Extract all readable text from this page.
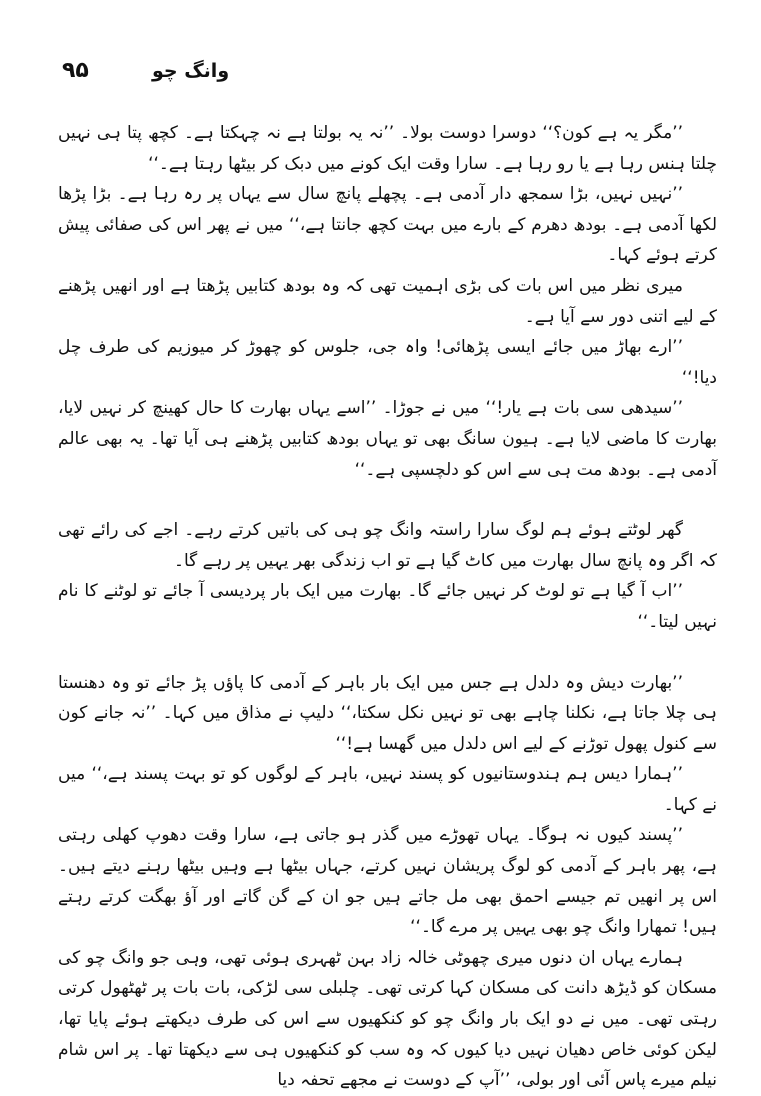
۹۵	وانگ چو

’’مگر یہ ہے کون؟‘‘ دوسرا دوست بولا۔ ’’نہ یہ بولتا ہے نہ چہکتا ہے۔ کچھ پتا ہی نہیں چلتا ہنس رہا ہے یا رو رہا ہے۔ سارا وقت ایک کونے میں دبک کر بیٹھا رہتا ہے۔‘‘

’’نہیں نہیں، بڑا سمجھ دار آدمی ہے۔ پچھلے پانچ سال سے یہاں پر رہ رہا ہے۔ بڑا پڑھا لکھا آدمی ہے۔ بودھ دھرم کے بارے میں بہت کچھ جانتا ہے،‘‘ میں نے پھر اس کی صفائی پیش کرتے ہوئے کہا۔

میری نظر میں اس بات کی بڑی اہمیت تھی کہ وہ بودھ کتابیں پڑھتا ہے اور انھیں پڑھنے کے لیے اتنی دور سے آیا ہے۔

’’ارے بھاڑ میں جائے ایسی پڑھائی! واہ جی، جلوس کو چھوڑ کر میوزیم کی طرف چل دیا!‘‘

’’سیدھی سی بات ہے یار!‘‘ میں نے جوڑا۔ ’’اسے یہاں بھارت کا حال کھینچ کر نہیں لایا، بھارت کا ماضی لایا ہے۔ ہیون سانگ بھی تو یہاں بودھ کتابیں پڑھنے ہی آیا تھا۔ یہ بھی عالم آدمی ہے۔ بودھ مت ہی سے اس کو دلچسپی ہے۔‘‘

گھر لوٹتے ہوئے ہم لوگ سارا راستہ وانگ چو ہی کی باتیں کرتے رہے۔ اجے کی رائے تھی کہ اگر وہ پانچ سال بھارت میں کاٹ گیا ہے تو اب زندگی بھر یہیں پر رہے گا۔

’’اب آ گیا ہے تو لوٹ کر نہیں جائے گا۔ بھارت میں ایک بار پردیسی آ جائے تو لوٹنے کا نام نہیں لیتا۔‘‘

’’بھارت دیش وہ دلدل ہے جس میں ایک بار باہر کے آدمی کا پاؤں پڑ جائے تو وہ دھنستا ہی چلا جاتا ہے، نکلنا چاہے بھی تو نہیں نکل سکتا،‘‘ دلیپ نے مذاق میں کہا۔ ’’نہ جانے کون سے کنول پھول توڑنے کے لیے اس دلدل میں گھسا ہے!‘‘

’’ہمارا دیس ہم ہندوستانیوں کو پسند نہیں، باہر کے لوگوں کو تو بہت پسند ہے،‘‘ میں نے کہا۔

’’پسند کیوں نہ ہوگا۔ یہاں تھوڑے میں گذر ہو جاتی ہے، سارا وقت دھوپ کھلی رہتی ہے، پھر باہر کے آدمی کو لوگ پریشان نہیں کرتے، جہاں بیٹھا ہے وہیں بیٹھا رہنے دیتے ہیں۔ اس پر انھیں تم جیسے احمق بھی مل جاتے ہیں جو ان کے گن گاتے اور آؤ بھگت کرتے رہتے ہیں! تمھارا وانگ چو بھی یہیں پر مرے گا۔‘‘

ہمارے یہاں ان دنوں میری چھوٹی خالہ زاد بہن ٹھہری ہوئی تھی، وہی جو وانگ چو کی مسکان کو ڈیڑھ دانت کی مسکان کہا کرتی تھی۔ چلبلی سی لڑکی، بات بات پر ٹھٹھول کرتی رہتی تھی۔ میں نے دو ایک بار وانگ چو کو کنکھیوں سے اس کی طرف دیکھتے ہوئے پایا تھا، لیکن کوئی خاص دھیان نہیں دیا کیوں کہ وہ سب کو کنکھیوں ہی سے دیکھتا تھا۔ پر اس شام نیلم میرے پاس آئی اور بولی، ’’آپ کے دوست نے مجھے تحفہ دیا
